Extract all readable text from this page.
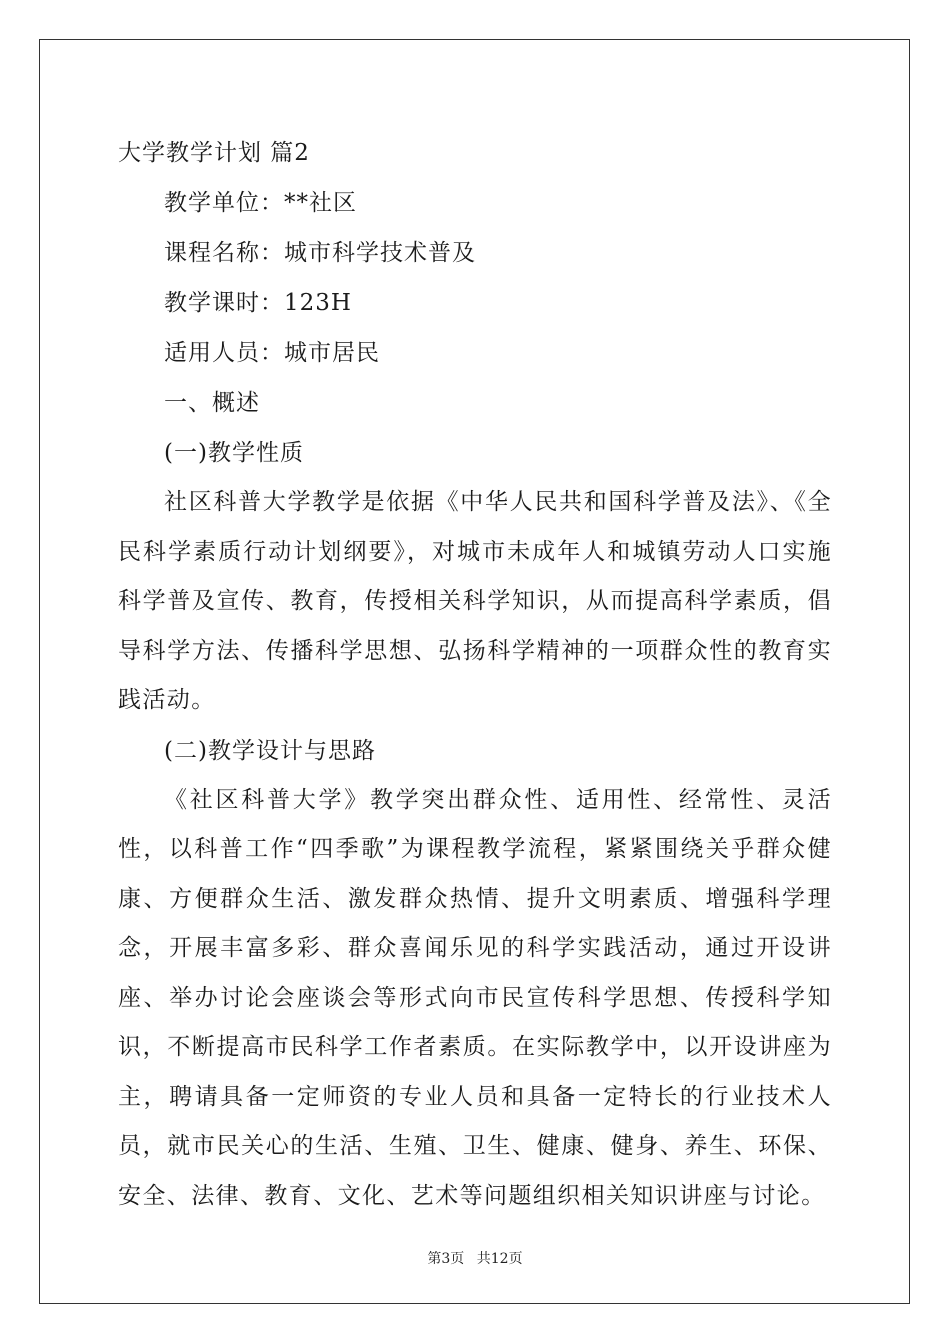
大学教学计划 篇2
教学单位：**社区
课程名称：城市科学技术普及
教学课时：123H
适用人员：城市居民
一、概述
(一)教学性质

社区科普大学教学是依据《中华人民共和国科学普及法》、《全民科学素质行动计划纲要》，对城市未成年人和城镇劳动人口实施科学普及宣传、教育，传授相关科学知识，从而提高科学素质，倡导科学方法、传播科学思想、弘扬科学精神的一项群众性的教育实践活动。

(二)教学设计与思路

《社区科普大学》教学突出群众性、适用性、经常性、灵活性，以科普工作“四季歌”为课程教学流程，紧紧围绕关乎群众健康、方便群众生活、激发群众热情、提升文明素质、增强科学理念，开展丰富多彩、群众喜闻乐见的科学实践活动，通过开设讲座、举办讨论会座谈会等形式向市民宣传科学思想、传授科学知识，不断提高市民科学工作者素质。在实际教学中，以开设讲座为主，聘请具备一定师资的专业人员和具备一定特长的行业技术人员，就市民关心的生活、生殖、卫生、健康、健身、养生、环保、安全、法律、教育、文化、艺术等问题组织相关知识讲座与讨论。

第3页 共12页
